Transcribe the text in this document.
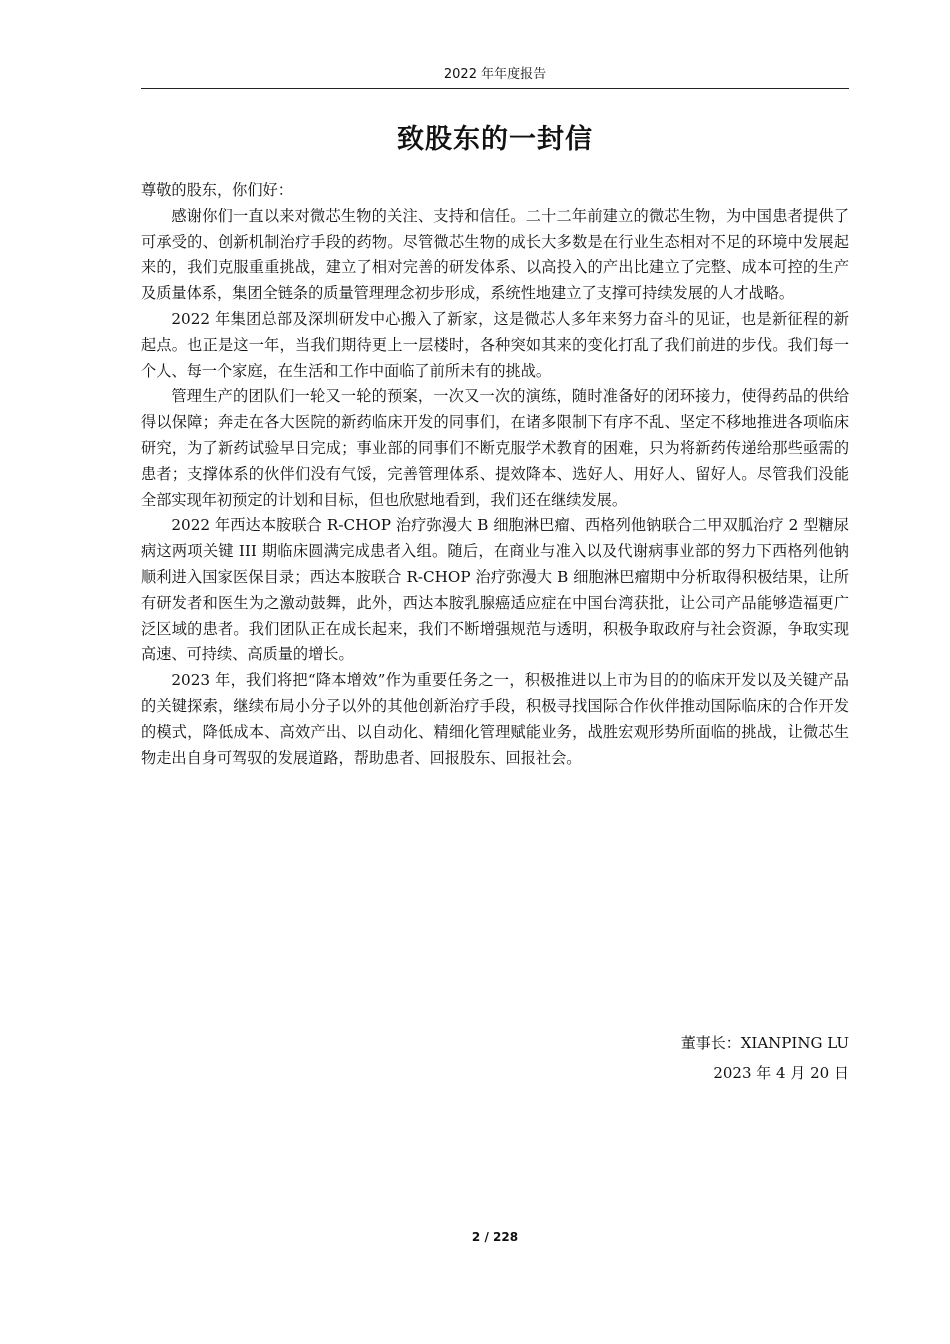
2022 年年度报告
致股东的一封信

尊敬的股东，你们好：

感谢你们一直以来对微芯生物的关注、支持和信任。二十二年前建立的微芯生物，为中国患者提供了可承受的、创新机制治疗手段的药物。尽管微芯生物的成长大多数是在行业生态相对不足的环境中发展起来的，我们克服重重挑战，建立了相对完善的研发体系、以高投入的产出比建立了完整、成本可控的生产及质量体系，集团全链条的质量管理理念初步形成，系统性地建立了支撑可持续发展的人才战略。

2022 年集团总部及深圳研发中心搬入了新家，这是微芯人多年来努力奋斗的见证，也是新征程的新起点。也正是这一年，当我们期待更上一层楼时，各种突如其来的变化打乱了我们前进的步伐。我们每一个人、每一个家庭，在生活和工作中面临了前所未有的挑战。

管理生产的团队们一轮又一轮的预案，一次又一次的演练，随时准备好的闭环接力，使得药品的供给得以保障；奔走在各大医院的新药临床开发的同事们，在诸多限制下有序不乱、坚定不移地推进各项临床研究，为了新药试验早日完成；事业部的同事们不断克服学术教育的困难，只为将新药传递给那些亟需的患者；支撑体系的伙伴们没有气馁，完善管理体系、提效降本、选好人、用好人、留好人。尽管我们没能全部实现年初预定的计划和目标，但也欣慰地看到，我们还在继续发展。

2022 年西达本胺联合 R-CHOP 治疗弥漫大 B 细胞淋巴瘤、西格列他钠联合二甲双胍治疗 2 型糖尿病这两项关键 III 期临床圆满完成患者入组。随后，在商业与准入以及代谢病事业部的努力下西格列他钠顺利进入国家医保目录；西达本胺联合 R-CHOP 治疗弥漫大 B 细胞淋巴瘤期中分析取得积极结果，让所有研发者和医生为之激动鼓舞，此外，西达本胺乳腺癌适应症在中国台湾获批，让公司产品能够造福更广泛区域的患者。我们团队正在成长起来，我们不断增强规范与透明，积极争取政府与社会资源，争取实现高速、可持续、高质量的增长。

2023 年，我们将把“降本增效”作为重要任务之一，积极推进以上市为目的的临床开发以及关键产品的关键探索，继续布局小分子以外的其他创新治疗手段，积极寻找国际合作伙伴推动国际临床的合作开发的模式，降低成本、高效产出、以自动化、精细化管理赋能业务，战胜宏观形势所面临的挑战，让微芯生物走出自身可驾驭的发展道路，帮助患者、回报股东、回报社会。

董事长：XIANPING LU
2023 年 4 月 20 日
2 / 228
